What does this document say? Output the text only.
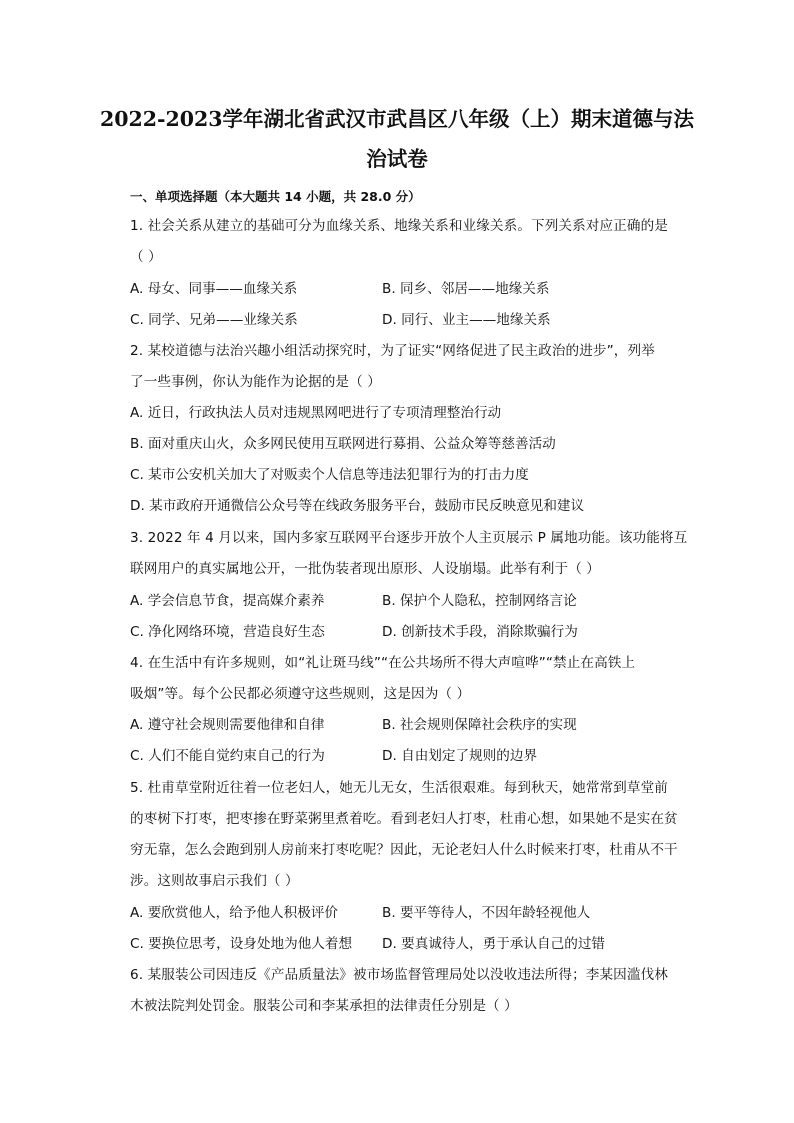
2022-2023学年湖北省武汉市武昌区八年级（上）期末道德与法
治试卷
一、单项选择题（本大题共 14 小题，共 28.0 分）
1. 社会关系从建立的基础可分为血缘关系、地缘关系和业缘关系。下列关系对应正确的是
（ ）
A. 母女、同事——血缘关系	B. 同乡、邻居——地缘关系
C. 同学、兄弟——业缘关系	D. 同行、业主——地缘关系
2. 某校道德与法治兴趣小组活动探究时，为了证实“网络促进了民主政治的进步”，列举
了一些事例，你认为能作为论据的是（ ）
A. 近日，行政执法人员对违规黑网吧进行了专项清理整治行动
B. 面对重庆山火，众多网民使用互联网进行募捐、公益众筹等慈善活动
C. 某市公安机关加大了对贩卖个人信息等违法犯罪行为的打击力度
D. 某市政府开通微信公众号等在线政务服务平台，鼓励市民反映意见和建议
3. 2022 年 4 月以来，国内多家互联网平台逐步开放个人主页展示 P 属地功能。该功能将互
联网用户的真实属地公开，一批伪装者现出原形、人设崩塌。此举有利于（ ）
A. 学会信息节食，提高媒介素养	B. 保护个人隐私，控制网络言论
C. 净化网络环境，营造良好生态	D. 创新技术手段，消除欺骗行为
4. 在生活中有许多规则，如“礼让斑马线”“在公共场所不得大声喧哗”“禁止在高铁上
吸烟”等。每个公民都必须遵守这些规则，这是因为（ ）
A. 遵守社会规则需要他律和自律	B. 社会规则保障社会秩序的实现
C. 人们不能自觉约束自己的行为	D. 自由划定了规则的边界
5. 杜甫草堂附近往着一位老妇人，她无儿无女，生活很艰难。每到秋天，她常常到草堂前
的枣树下打枣，把枣掺在野菜粥里煮着吃。看到老妇人打枣，杜甫心想，如果她不是实在贫
穷无靠，怎么会跑到别人房前来打枣吃呢？因此，无论老妇人什么时候来打枣，杜甫从不干
涉。这则故事启示我们（ ）
A. 要欣赏他人，给予他人积极评价	B. 要平等待人，不因年龄轻视他人
C. 要换位思考，设身处地为他人着想 D. 要真诚待人，勇于承认自己的过错
6. 某服装公司因违反《产品质量法》被市场监督管理局处以没收违法所得；李某因滥伐林
木被法院判处罚金。服装公司和李某承担的法律责任分别是（ ）
